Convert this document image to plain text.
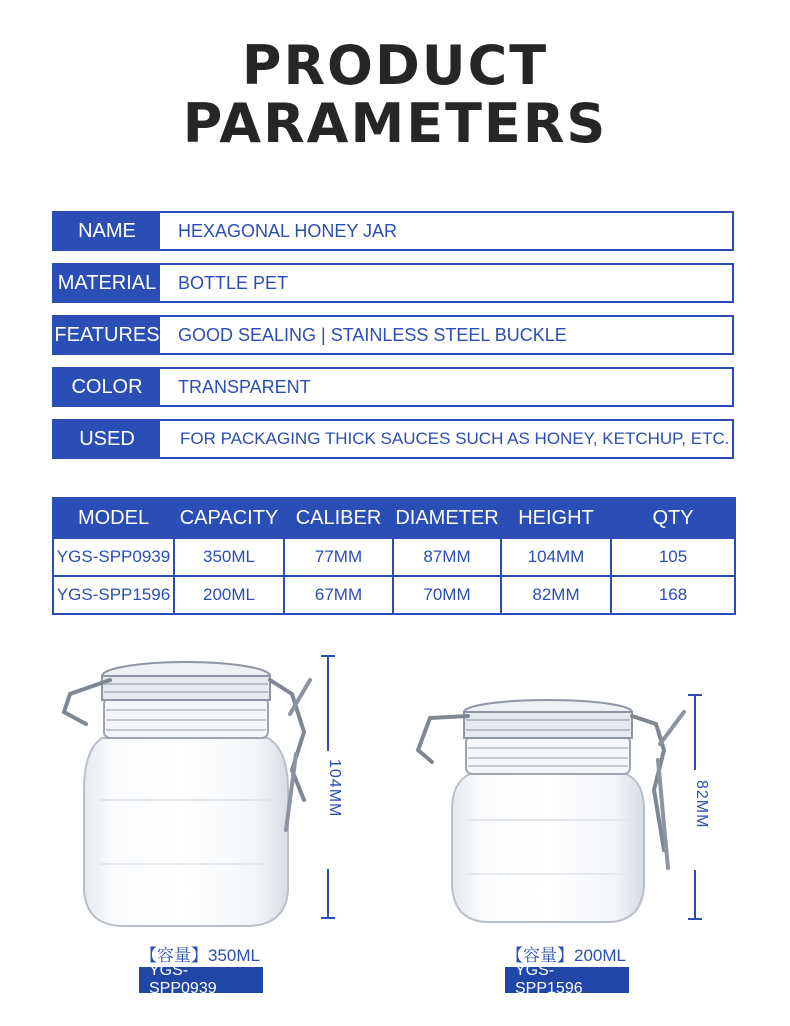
PRODUCT
PARAMETERS
NAME	HEXAGONAL HONEY JAR
MATERIAL	BOTTLE PET
FEATURES	GOOD SEALING | STAINLESS STEEL BUCKLE
COLOR	TRANSPARENT
USED	FOR PACKAGING THICK SAUCES SUCH AS HONEY, KETCHUP, ETC.
MODEL	CAPACITY	CALIBER	DIAMETER	HEIGHT	QTY
YGS-SPP0939	350ML	77MM	87MM	104MM	105
YGS-SPP1596	200ML	67MM	70MM	82MM	168
104MM
【容量】350ML
YGS-SPP0939
82MM
【容量】200ML
YGS-SPP1596
